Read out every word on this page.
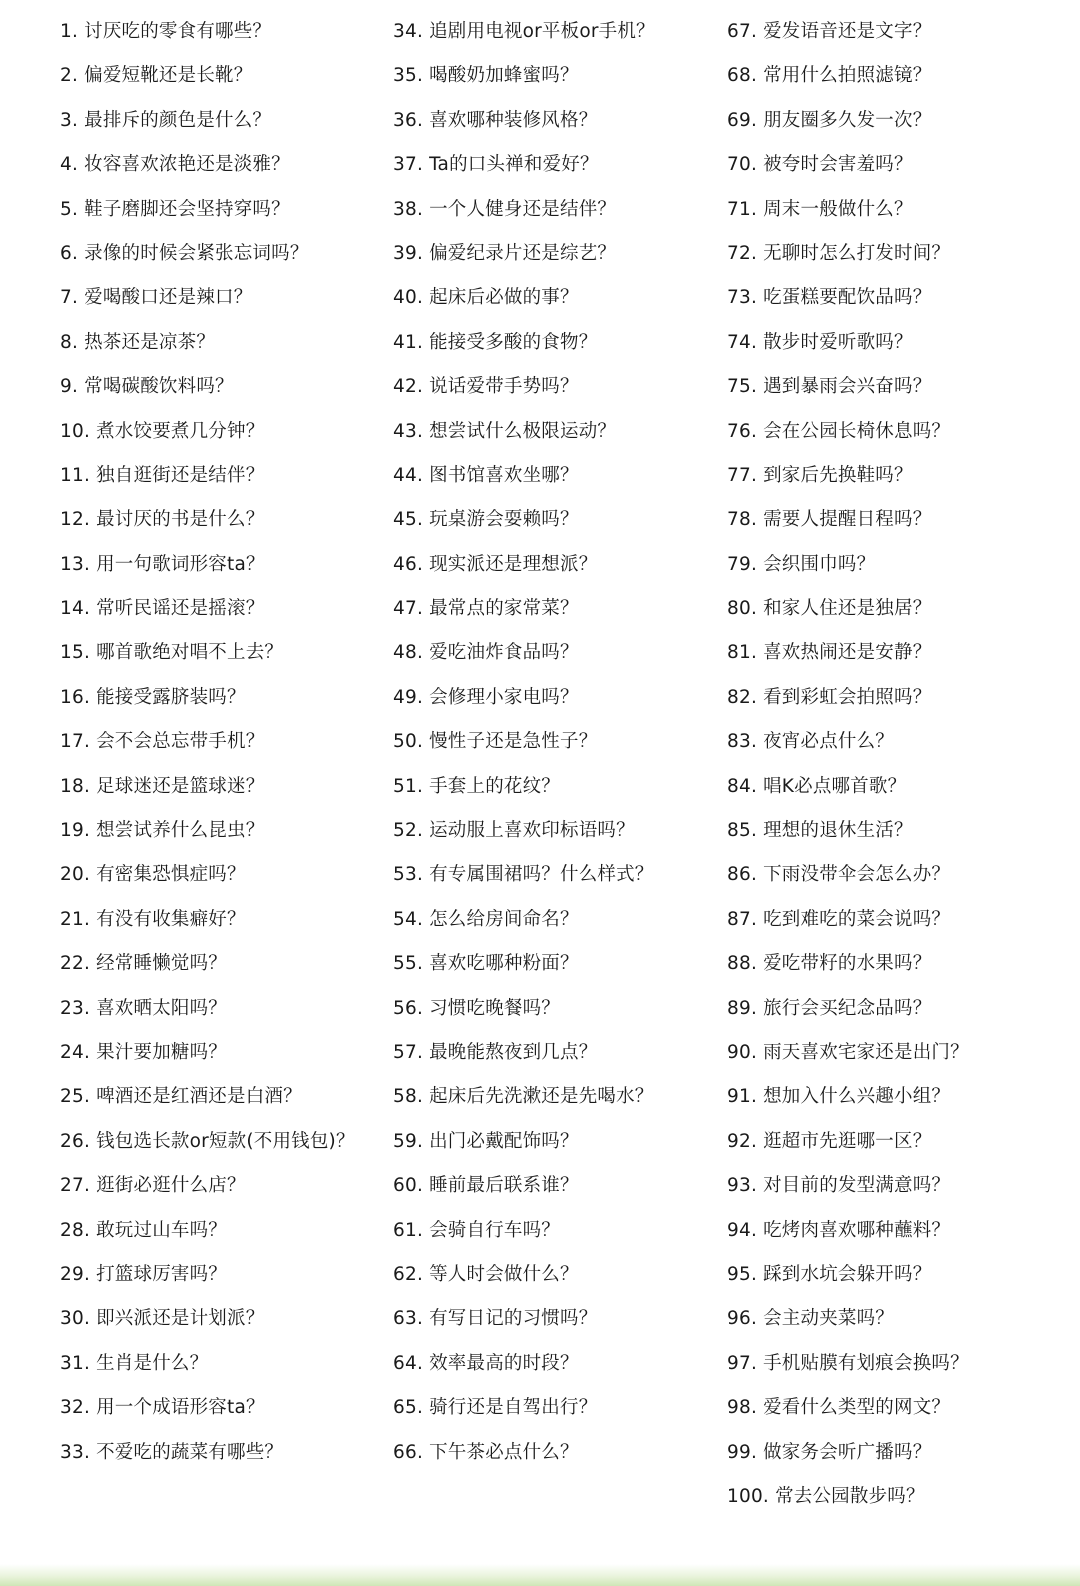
1. 讨厌吃的零食有哪些？
2. 偏爱短靴还是长靴？
3. 最排斥的颜色是什么？
4. 妆容喜欢浓艳还是淡雅？
5. 鞋子磨脚还会坚持穿吗？
6. 录像的时候会紧张忘词吗？
7. 爱喝酸口还是辣口？
8. 热茶还是凉茶？
9. 常喝碳酸饮料吗？
10. 煮水饺要煮几分钟？
11. 独自逛街还是结伴？
12. 最讨厌的书是什么？
13. 用一句歌词形容ta？
14. 常听民谣还是摇滚？
15. 哪首歌绝对唱不上去？
16. 能接受露脐装吗？
17. 会不会总忘带手机？
18. 足球迷还是篮球迷？
19. 想尝试养什么昆虫？
20. 有密集恐惧症吗？
21. 有没有收集癖好？
22. 经常睡懒觉吗？
23. 喜欢晒太阳吗？
24. 果汁要加糖吗？
25. 啤酒还是红酒还是白酒？
26. 钱包选长款or短款(不用钱包)？
27. 逛街必逛什么店？
28. 敢玩过山车吗？
29. 打篮球厉害吗？
30. 即兴派还是计划派？
31. 生肖是什么？
32. 用一个成语形容ta？
33. 不爱吃的蔬菜有哪些？
34. 追剧用电视or平板or手机？
35. 喝酸奶加蜂蜜吗？
36. 喜欢哪种装修风格？
37. Ta的口头禅和爱好？
38. 一个人健身还是结伴？
39. 偏爱纪录片还是综艺？
40. 起床后必做的事？
41. 能接受多酸的食物？
42. 说话爱带手势吗？
43. 想尝试什么极限运动？
44. 图书馆喜欢坐哪？
45. 玩桌游会耍赖吗？
46. 现实派还是理想派？
47. 最常点的家常菜？
48. 爱吃油炸食品吗？
49. 会修理小家电吗？
50. 慢性子还是急性子？
51. 手套上的花纹？
52. 运动服上喜欢印标语吗？
53. 有专属围裙吗？什么样式？
54. 怎么给房间命名？
55. 喜欢吃哪种粉面？
56. 习惯吃晚餐吗？
57. 最晚能熬夜到几点？
58. 起床后先洗漱还是先喝水？
59. 出门必戴配饰吗？
60. 睡前最后联系谁？
61. 会骑自行车吗？
62. 等人时会做什么？
63. 有写日记的习惯吗？
64. 效率最高的时段？
65. 骑行还是自驾出行？
66. 下午茶必点什么？
67. 爱发语音还是文字？
68. 常用什么拍照滤镜？
69. 朋友圈多久发一次？
70. 被夸时会害羞吗？
71. 周末一般做什么？
72. 无聊时怎么打发时间？
73. 吃蛋糕要配饮品吗？
74. 散步时爱听歌吗？
75. 遇到暴雨会兴奋吗？
76. 会在公园长椅休息吗？
77. 到家后先换鞋吗？
78. 需要人提醒日程吗？
79. 会织围巾吗？
80. 和家人住还是独居？
81. 喜欢热闹还是安静？
82. 看到彩虹会拍照吗？
83. 夜宵必点什么？
84. 唱K必点哪首歌？
85. 理想的退休生活？
86. 下雨没带伞会怎么办？
87. 吃到难吃的菜会说吗？
88. 爱吃带籽的水果吗？
89. 旅行会买纪念品吗？
90. 雨天喜欢宅家还是出门？
91. 想加入什么兴趣小组？
92. 逛超市先逛哪一区？
93. 对目前的发型满意吗？
94. 吃烤肉喜欢哪种蘸料？
95. 踩到水坑会躲开吗？
96. 会主动夹菜吗？
97. 手机贴膜有划痕会换吗？
98. 爱看什么类型的网文？
99. 做家务会听广播吗？
100. 常去公园散步吗？
